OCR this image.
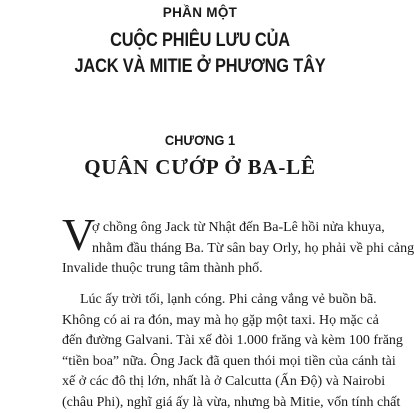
PHẦN MỘT
CUỘC PHIÊU LƯU CỦA
JACK VÀ MITIE Ở PHƯƠNG TÂY
CHƯƠNG 1
QUÂN CƯỚP Ở BA-LÊ
V
ợ chồng ông Jack từ Nhật đến Ba-Lê hồi nửa khuya,
nhằm đầu tháng Ba. Từ sân bay Orly, họ phải về phi cảng
Invalide thuộc trung tâm thành phố.
Lúc ấy trời tối, lạnh cóng. Phi cảng vắng vẻ buồn bã.
Không có ai ra đón, may mà họ gặp một taxi. Họ mặc cả
đến đường Galvani. Tài xế đòi 1.000 frăng và kèm 100 frăng
“tiền boa” nữa. Ông Jack đã quen thói mọi tiền của cánh tài
xế ở các đô thị lớn, nhất là ở Calcutta (Ấn Độ) và Nairobi
(châu Phi), nghĩ giá ấy là vừa, nhưng bà Mitie, vốn tính chất
